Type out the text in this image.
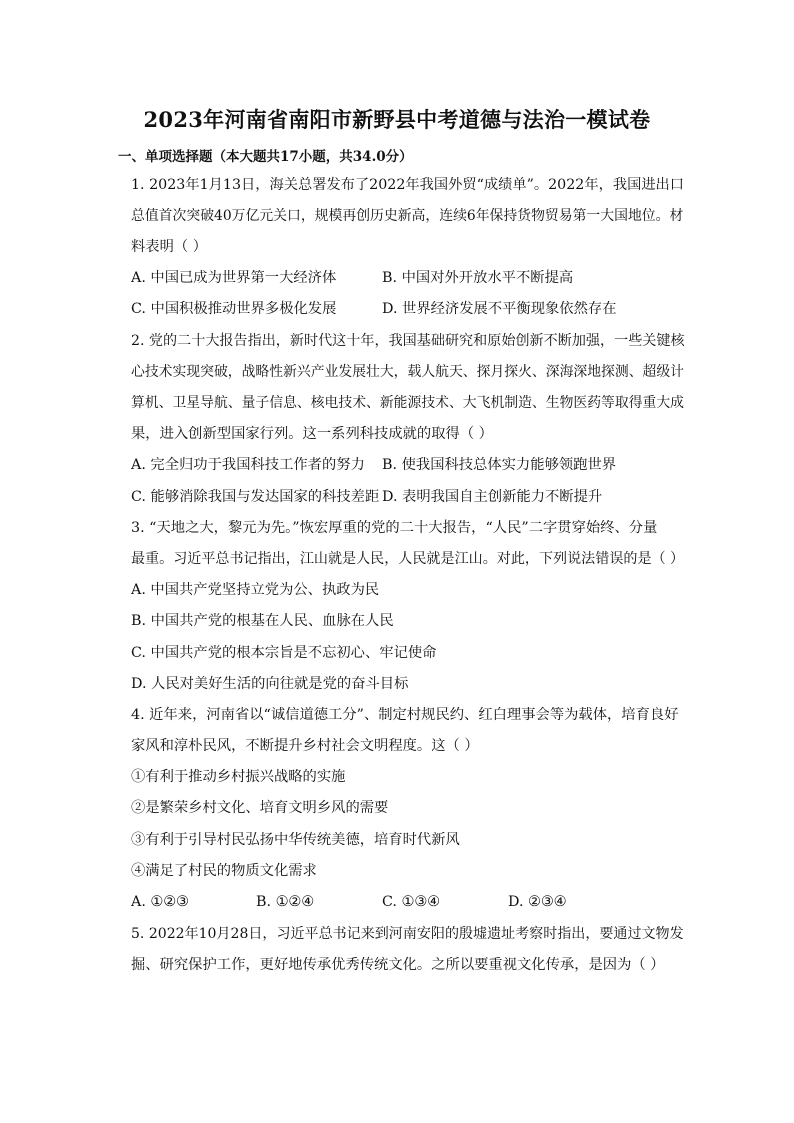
2023年河南省南阳市新野县中考道德与法治一模试卷
一、单项选择题（本大题共17小题，共34.0分）
1. 2023年1月13日，海关总署发布了2022年我国外贸“成绩单”。2022年，我国进出口
总值首次突破40万亿元关口，规模再创历史新高，连续6年保持货物贸易第一大国地位。材
料表明（ ）
A. 中国已成为世界第一大经济体	B. 中国对外开放水平不断提高
C. 中国积极推动世界多极化发展	D. 世界经济发展不平衡现象依然存在
2. 党的二十大报告指出，新时代这十年，我国基础研究和原始创新不断加强，一些关键核
心技术实现突破，战略性新兴产业发展壮大，载人航天、探月探火、深海深地探测、超级计
算机、卫星导航、量子信息、核电技术、新能源技术、大飞机制造、生物医药等取得重大成
果，进入创新型国家行列。这一系列科技成就的取得（ ）
A. 完全归功于我国科技工作者的努力 B. 使我国科技总体实力能够领跑世界
C. 能够消除我国与发达国家的科技差距 D. 表明我国自主创新能力不断提升
3. “天地之大，黎元为先。”恢宏厚重的党的二十大报告，“人民”二字贯穿始终、分量
最重。习近平总书记指出，江山就是人民，人民就是江山。对此，下列说法错误的是（ ）
A. 中国共产党坚持立党为公、执政为民
B. 中国共产党的根基在人民、血脉在人民
C. 中国共产党的根本宗旨是不忘初心、牢记使命
D. 人民对美好生活的向往就是党的奋斗目标
4. 近年来，河南省以“诚信道德工分”、制定村规民约、红白理事会等为载体，培育良好
家风和淳朴民风，不断提升乡村社会文明程度。这（ ）
①有利于推动乡村振兴战略的实施
②是繁荣乡村文化、培育文明乡风的需要
③有利于引导村民弘扬中华传统美德，培育时代新风
④满足了村民的物质文化需求
A. ①②③	B. ①②④	C. ①③④	D. ②③④
5. 2022年10月28日，习近平总书记来到河南安阳的殷墟遗址考察时指出，要通过文物发
掘、研究保护工作，更好地传承优秀传统文化。之所以要重视文化传承，是因为（ ）
